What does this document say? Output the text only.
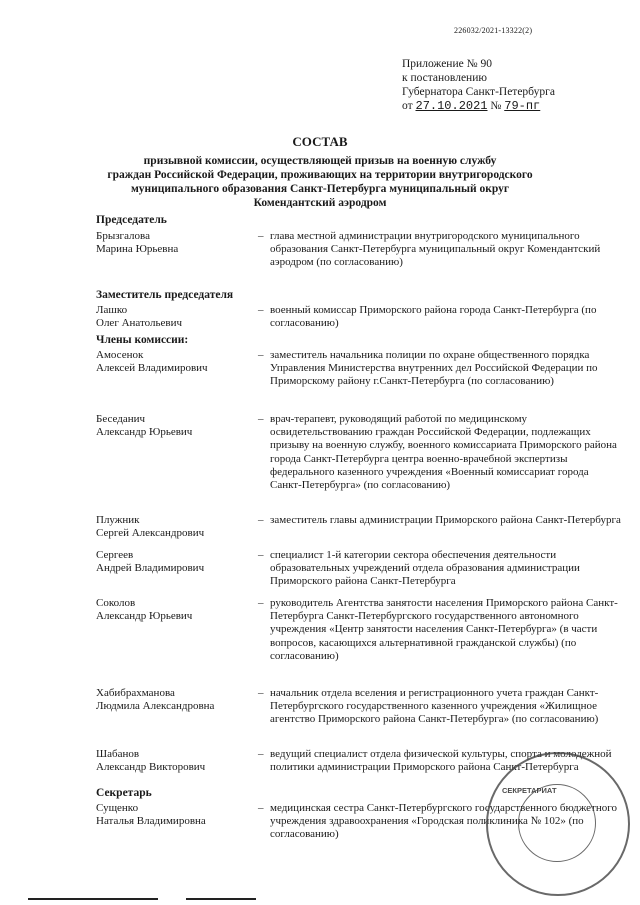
226032/2021-13322(2)
Приложение № 90
к постановлению
Губернатора Санкт-Петербурга
от 27.10.2021 № 79-пг
СОСТАВ
призывной комиссии, осуществляющей призыв на военную службу
граждан Российской Федерации, проживающих на территории внутригородского
муниципального образования Санкт-Петербурга муниципальный округ
Комендантский аэродром
Председатель
Брызгалова
Марина Юрьевна
– глава местной администрации внутригородского муниципального образования Санкт-Петербурга муниципальный округ Комендантский аэродром (по согласованию)
Заместитель председателя
Лашко
Олег Анатольевич
– военный комиссар Приморского района города Санкт-Петербурга (по согласованию)
Члены комиссии:
Амосенок
Алексей Владимирович
– заместитель начальника полиции по охране общественного порядка Управления Министерства внутренних дел Российской Федерации по Приморскому району г.Санкт-Петербурга (по согласованию)
Беседанич
Александр Юрьевич
– врач-терапевт, руководящий работой по медицинскому освидетельствованию граждан Российской Федерации, подлежащих призыву на военную службу, военного комиссариата Приморского района города Санкт-Петербурга центра военно-врачебной экспертизы федерального казенного учреждения «Военный комиссариат города Санкт-Петербурга» (по согласованию)
Плужник
Сергей Александрович
– заместитель главы администрации Приморского района Санкт-Петербурга
Сергеев
Андрей Владимирович
– специалист 1-й категории сектора обеспечения деятельности образовательных учреждений отдела образования администрации Приморского района Санкт-Петербурга
Соколов
Александр Юрьевич
– руководитель Агентства занятости населения Приморского района Санкт-Петербурга Санкт-Петербургского государственного автономного учреждения «Центр занятости населения Санкт-Петербурга» (в части вопросов, касающихся альтернативной гражданской службы) (по согласованию)
Хабибрахманова
Людмила Александровна
– начальник отдела вселения и регистрационного учета граждан Санкт-Петербургского государственного казенного учреждения «Жилищное агентство Приморского района Санкт-Петербурга» (по согласованию)
Шабанов
Александр Викторович
– ведущий специалист отдела физической культуры, спорта и молодежной политики администрации Приморского района Санкт-Петербурга
Секретарь
Сущенко
Наталья Владимировна
– медицинская сестра Санкт-Петербургского государственного бюджетного учреждения здравоохранения «Городская поликлиника № 102» (по согласованию)
СЕКРЕТАРИАТ
